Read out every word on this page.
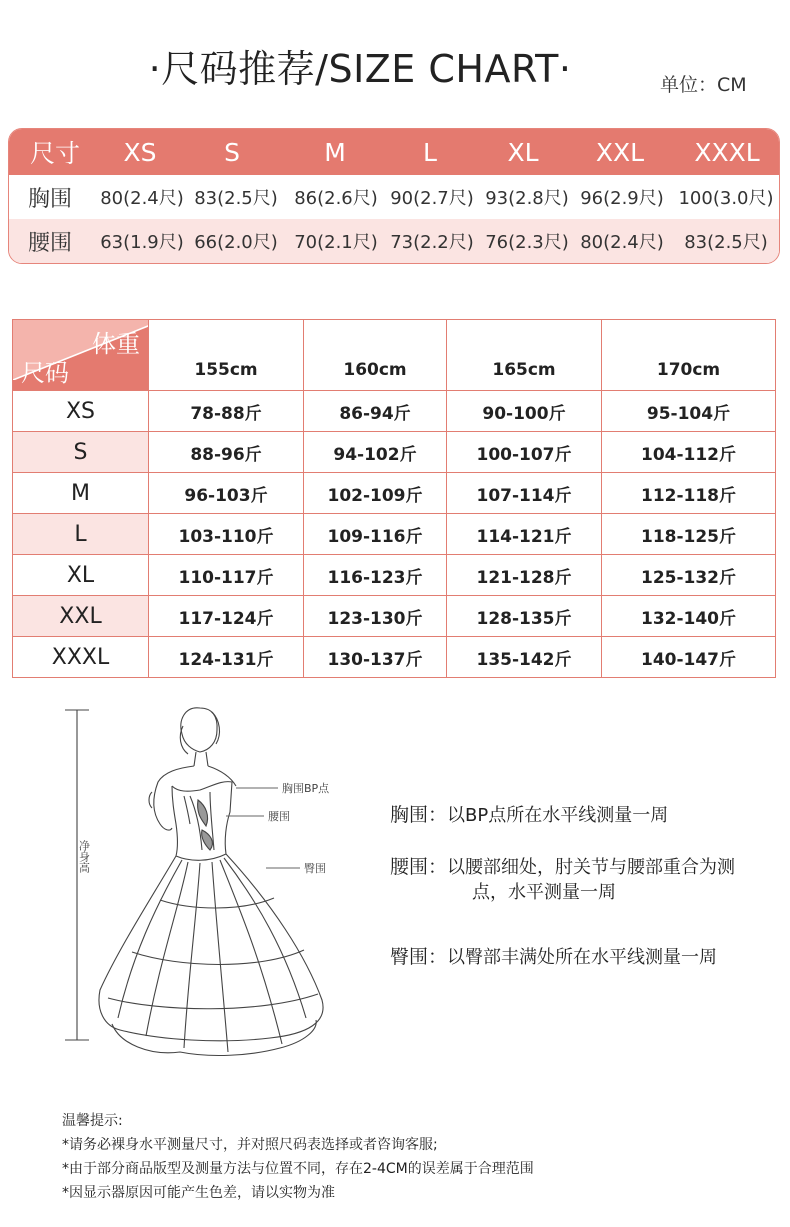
·尺码推荐/SIZE CHART·	单位：CM
尺寸	XS	S	M	L	XL	XXL	XXXL
胸围	80(2.4尺) 83(2.5尺) 86(2.6尺) 90(2.7尺) 93(2.8尺) 96(2.9尺) 100(3.0尺)
腰围	63(1.9尺) 66(2.0尺) 70(2.1尺) 73(2.2尺) 76(2.3尺) 80(2.4尺)	83(2.5尺)
体重
尺码	155cm	160cm	165cm	170cm
XS	78-88斤	86-94斤	90-100斤	95-104斤
S	88-96斤	94-102斤	100-107斤	104-112斤
M	96-103斤	102-109斤	107-114斤	112-118斤
L	103-110斤	109-116斤	114-121斤	118-125斤
XL	110-117斤	116-123斤	121-128斤	125-132斤
XXL	117-124斤	123-130斤	128-135斤	132-140斤
XXXL	124-131斤	130-137斤	135-142斤	140-147斤
胸围BP点
腰围
臀围
净身高
胸围：以BP点所在水平线测量一周
腰围：以腰部细处，肘关节与腰部重合为测
点，水平测量一周
臀围：以臀部丰满处所在水平线测量一周
温馨提示:
*请务必裸身水平测量尺寸，并对照尺码表选择或者咨询客服;
*由于部分商品版型及测量方法与位置不同，存在2-4CM的误差属于合理范围
*因显示器原因可能产生色差，请以实物为准
